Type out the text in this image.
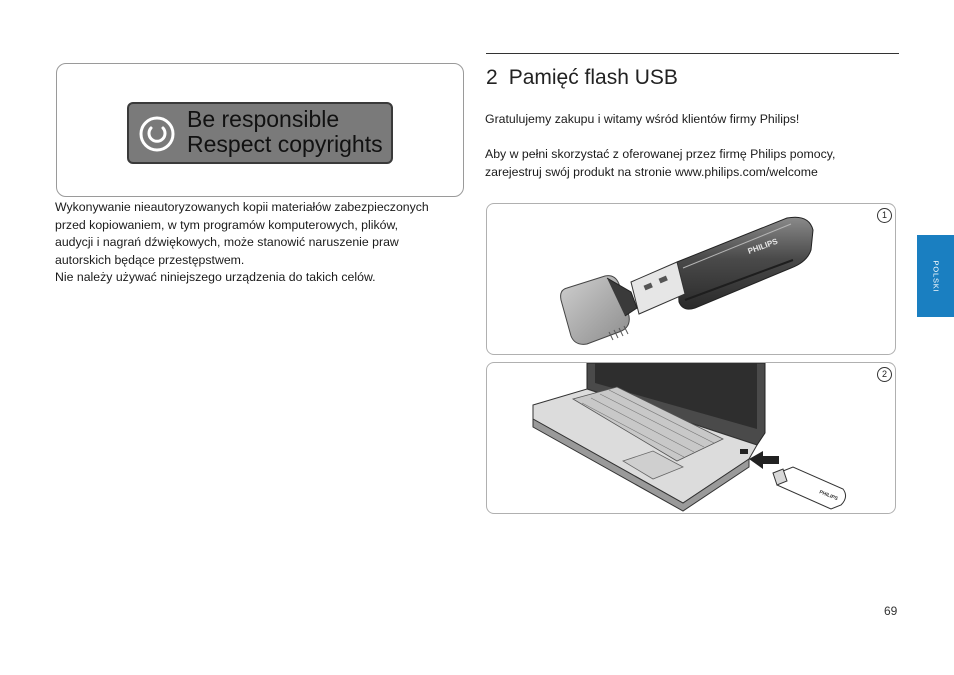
Be responsible
Respect copyrights
Wykonywanie nieautoryzowanych kopii materiałów zabezpieczonych
przed kopiowaniem, w tym programów komputerowych, plików,
audycji i nagrań dźwiękowych, może stanowić naruszenie praw
autorskich będące przestępstwem.
Nie należy używać niniejszego urządzenia do takich celów.
2 Pamięć flash USB
Gratulujemy zakupu i witamy wśród klientów firmy Philips!
Aby w pełni skorzystać z oferowanej przez firmę Philips pomocy,
zarejestruj swój produkt na stronie www.philips.com/welcome
PHILIPS
1
PHILIPS
2
POLSKI
69
